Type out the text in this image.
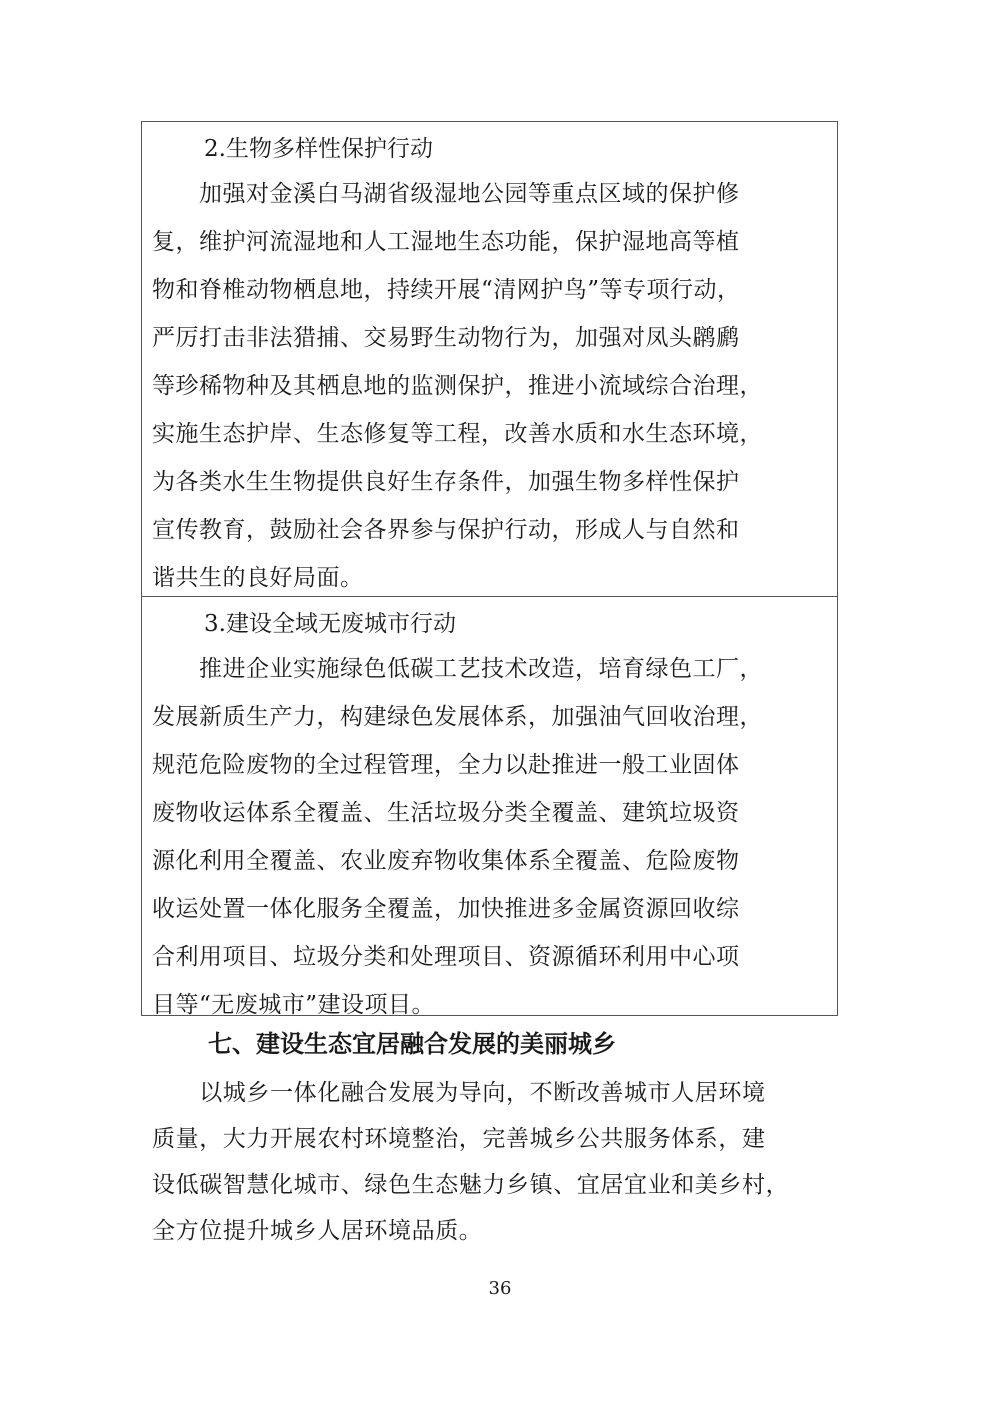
2.生物多样性保护行动
　　加强对金溪白马湖省级湿地公园等重点区域的保护修
复，维护河流湿地和人工湿地生态功能，保护湿地高等植
物和脊椎动物栖息地，持续开展“清网护鸟”等专项行动，
严厉打击非法猎捕、交易野生动物行为，加强对凤头䴙䴘
等珍稀物种及其栖息地的监测保护，推进小流域综合治理，
实施生态护岸、生态修复等工程，改善水质和水生态环境，
为各类水生生物提供良好生存条件，加强生物多样性保护
宣传教育，鼓励社会各界参与保护行动，形成人与自然和
谐共生的良好局面。
3.建设全域无废城市行动
　　推进企业实施绿色低碳工艺技术改造，培育绿色工厂，
发展新质生产力，构建绿色发展体系，加强油气回收治理，
规范危险废物的全过程管理，全力以赴推进一般工业固体
废物收运体系全覆盖、生活垃圾分类全覆盖、建筑垃圾资
源化利用全覆盖、农业废弃物收集体系全覆盖、危险废物
收运处置一体化服务全覆盖，加快推进多金属资源回收综
合利用项目、垃圾分类和处理项目、资源循环利用中心项
目等“无废城市”建设项目。
七、建设生态宜居融合发展的美丽城乡
　　以城乡一体化融合发展为导向，不断改善城市人居环境
质量，大力开展农村环境整治，完善城乡公共服务体系，建
设低碳智慧化城市、绿色生态魅力乡镇、宜居宜业和美乡村，
全方位提升城乡人居环境品质。
36
